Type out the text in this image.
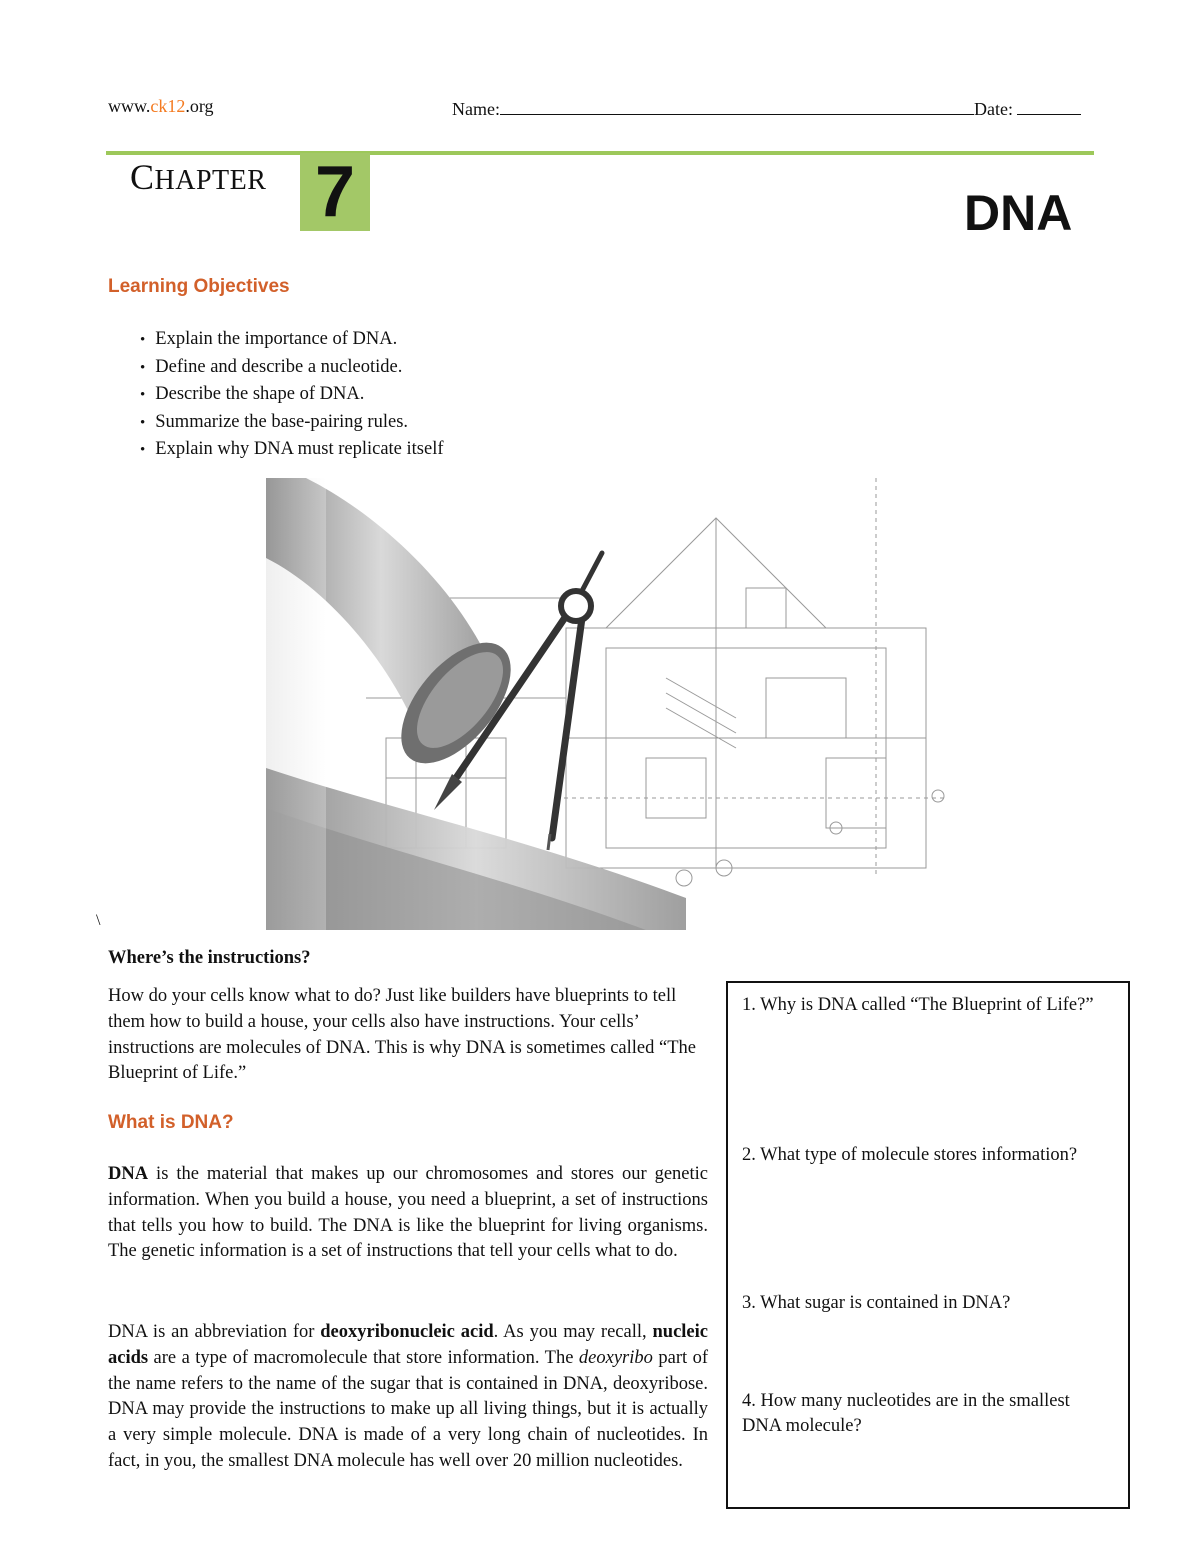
www.ck12.org	Name:	Date:
CHAPTER 7	DNA
Learning Objectives
• Explain the importance of DNA.
• Define and describe a nucleotide.
• Describe the shape of DNA.
• Summarize the base-pairing rules.
• Explain why DNA must replicate itself
\
Where’s the instructions?
How do your cells know what to do? Just like builders have blueprints to tell them how to build a house, your cells also have instructions. Your cells’ instructions are molecules of DNA. This is why DNA is sometimes called “The Blueprint of Life.”
What is DNA?
DNA is the material that makes up our chromosomes and stores our genetic information. When you build a house, you need a blueprint, a set of instructions that tells you how to build. The DNA is like the blueprint for living organisms. The genetic information is a set of instructions that tell your cells what to do.
DNA is an abbreviation for deoxyribonucleic acid. As you may recall, nucleic acids are a type of macromolecule that store information. The deoxyribo part of the name refers to the name of the sugar that is contained in DNA, deoxyribose. DNA may provide the instructions to make up all living things, but it is actually a very simple molecule. DNA is made of a very long chain of nucleotides. In fact, in you, the smallest DNA molecule has well over 20 million nucleotides.
1. Why is DNA called “The Blueprint of Life?”
2. What type of molecule stores information?
3. What sugar is contained in DNA?
4. How many nucleotides are in the smallest DNA molecule?
